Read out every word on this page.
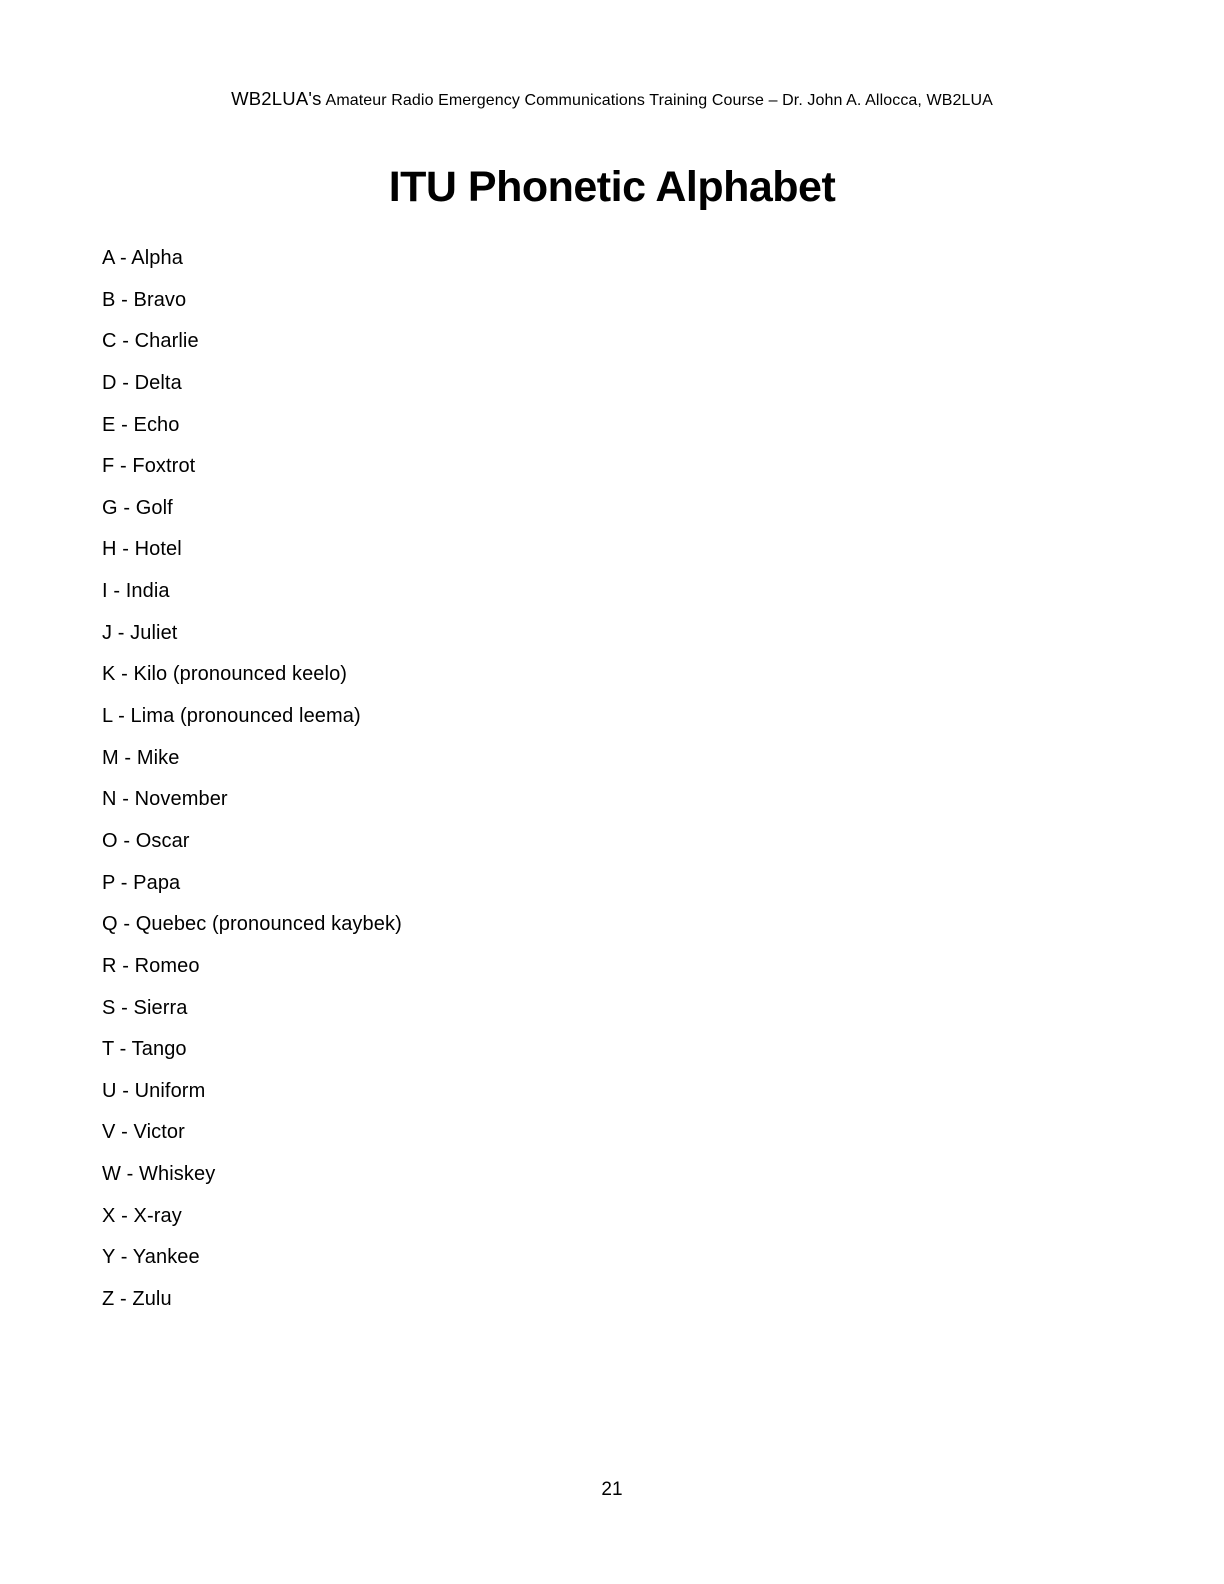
WB2LUA's Amateur Radio Emergency Communications Training Course – Dr. John A. Allocca, WB2LUA
ITU Phonetic Alphabet
A - Alpha
B - Bravo
C - Charlie
D - Delta
E - Echo
F - Foxtrot
G - Golf
H - Hotel
I - India
J - Juliet
K - Kilo (pronounced keelo)
L - Lima (pronounced leema)
M - Mike
N - November
O - Oscar
P - Papa
Q - Quebec (pronounced kaybek)
R - Romeo
S - Sierra
T - Tango
U - Uniform
V - Victor
W - Whiskey
X - X-ray
Y - Yankee
Z - Zulu
21
